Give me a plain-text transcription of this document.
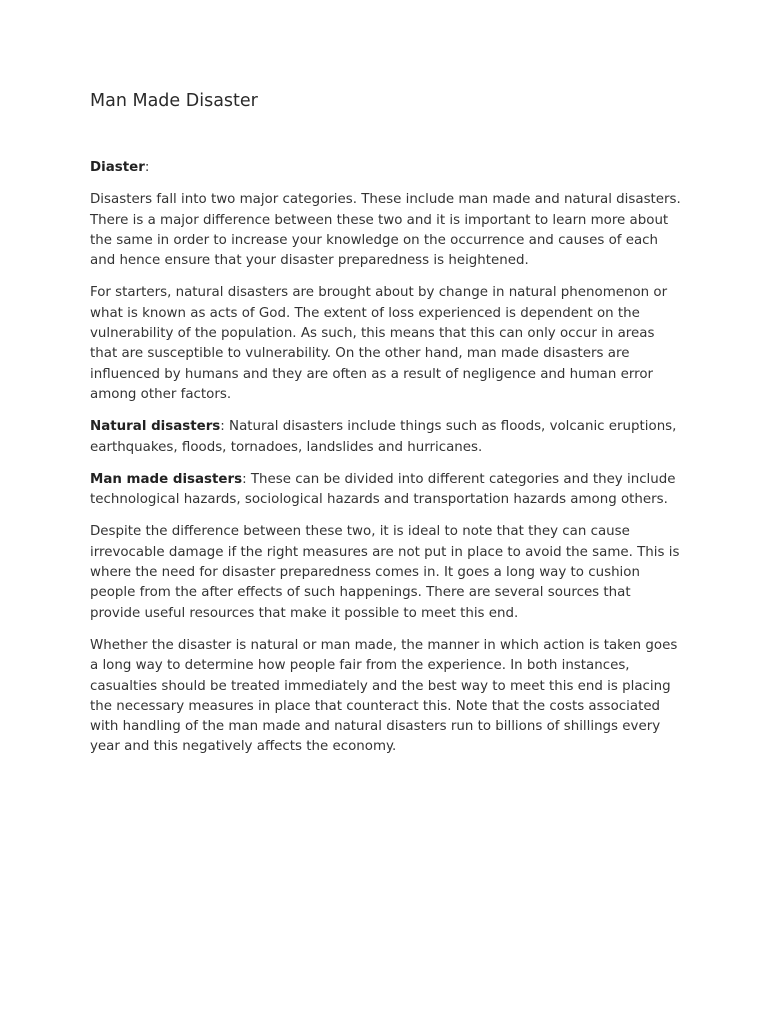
Man Made Disaster

Diaster:

Disasters fall into two major categories. These include man made and natural disasters. There is a major difference between these two and it is important to learn more about the same in order to increase your knowledge on the occurrence and causes of each and hence ensure that your disaster preparedness is heightened.

For starters, natural disasters are brought about by change in natural phenomenon or what is known as acts of God. The extent of loss experienced is dependent on the vulnerability of the population. As such, this means that this can only occur in areas that are susceptible to vulnerability. On the other hand, man made disasters are influenced by humans and they are often as a result of negligence and human error among other factors.

Natural disasters: Natural disasters include things such as floods, volcanic eruptions, earthquakes, floods, tornadoes, landslides and hurricanes.

Man made disasters: These can be divided into different categories and they include technological hazards, sociological hazards and transportation hazards among others.

Despite the difference between these two, it is ideal to note that they can cause irrevocable damage if the right measures are not put in place to avoid the same. This is where the need for disaster preparedness comes in. It goes a long way to cushion people from the after effects of such happenings. There are several sources that provide useful resources that make it possible to meet this end.

Whether the disaster is natural or man made, the manner in which action is taken goes a long way to determine how people fair from the experience. In both instances, casualties should be treated immediately and the best way to meet this end is placing the necessary measures in place that counteract this. Note that the costs associated with handling of the man made and natural disasters run to billions of shillings every year and this negatively affects the economy.
